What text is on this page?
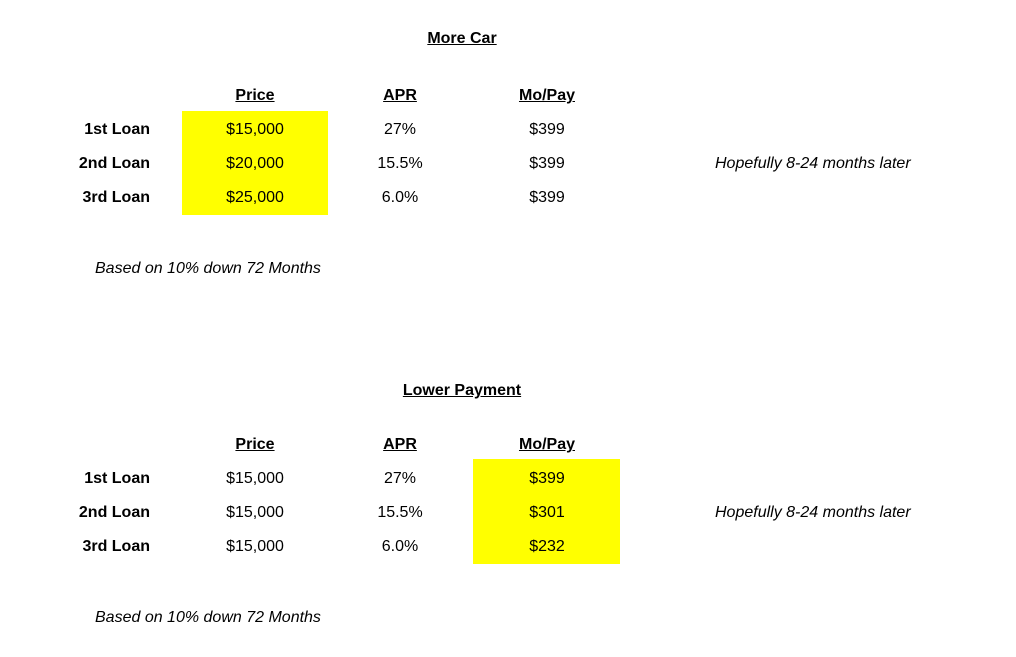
More Car
Price	APR	Mo/Pay
1st Loan	$15,000	27%	$399
2nd Loan	$20,000	15.5%	$399
3rd Loan	$25,000	6.0%	$399
Hopefully 8-24 months later
Based on 10% down 72 Months
Lower Payment
Price	APR	Mo/Pay
1st Loan	$15,000	27%	$399
2nd Loan	$15,000	15.5%	$301
3rd Loan	$15,000	6.0%	$232
Hopefully 8-24 months later
Based on 10% down 72 Months
